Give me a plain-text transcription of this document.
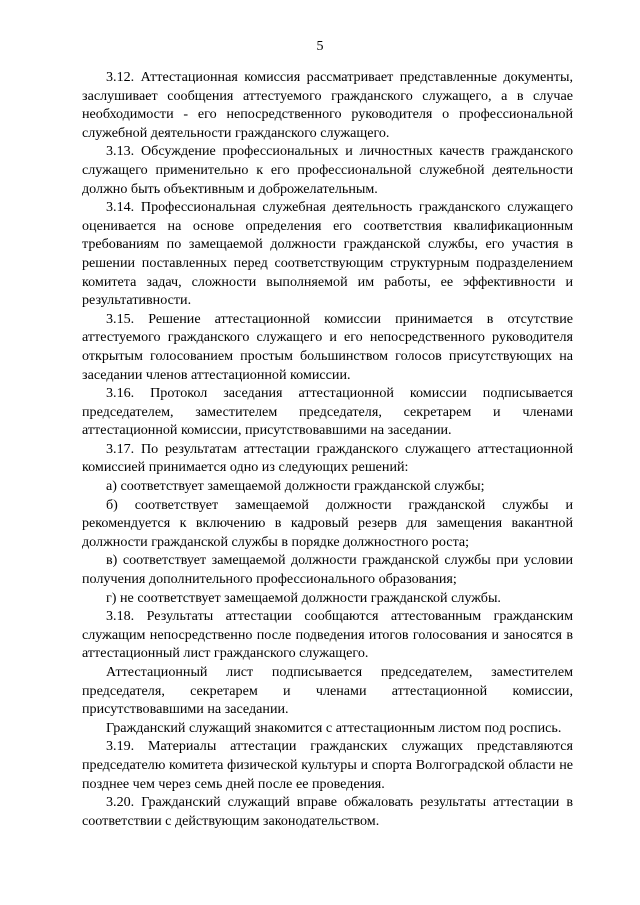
5

3.12. Аттестационная комиссия рассматривает представленные документы, заслушивает сообщения аттестуемого гражданского служащего, а в случае необходимости - его непосредственного руководителя о профессиональной служебной деятельности гражданского служащего.

3.13. Обсуждение профессиональных и личностных качеств гражданского служащего применительно к его профессиональной служебной деятельности должно быть объективным и доброжелательным.

3.14. Профессиональная служебная деятельность гражданского служащего оценивается на основе определения его соответствия квалификационным требованиям по замещаемой должности гражданской службы, его участия в решении поставленных перед соответствующим структурным подразделением комитета задач, сложности выполняемой им работы, ее эффективности и результативности.

3.15. Решение аттестационной комиссии принимается в отсутствие аттестуемого гражданского служащего и его непосредственного руководителя открытым голосованием простым большинством голосов присутствующих на заседании членов аттестационной комиссии.

3.16. Протокол заседания аттестационной комиссии подписывается председателем, заместителем председателя, секретарем и членами аттестационной комиссии, присутствовавшими на заседании.

3.17. По результатам аттестации гражданского служащего аттестационной комиссией принимается одно из следующих решений:

а) соответствует замещаемой должности гражданской службы;

б) соответствует замещаемой должности гражданской службы и рекомендуется к включению в кадровый резерв для замещения вакантной должности гражданской службы в порядке должностного роста;

в) соответствует замещаемой должности гражданской службы при условии получения дополнительного профессионального образования;

г) не соответствует замещаемой должности гражданской службы.

3.18. Результаты аттестации сообщаются аттестованным гражданским служащим непосредственно после подведения итогов голосования и заносятся в аттестационный лист гражданского служащего.

Аттестационный лист подписывается председателем, заместителем председателя, секретарем и членами аттестационной комиссии, присутствовавшими на заседании.

Гражданский служащий знакомится с аттестационным листом под роспись.

3.19. Материалы аттестации гражданских служащих представляются председателю комитета физической культуры и спорта Волгоградской области не позднее чем через семь дней после ее проведения.

3.20. Гражданский служащий вправе обжаловать результаты аттестации в соответствии с действующим законодательством.
